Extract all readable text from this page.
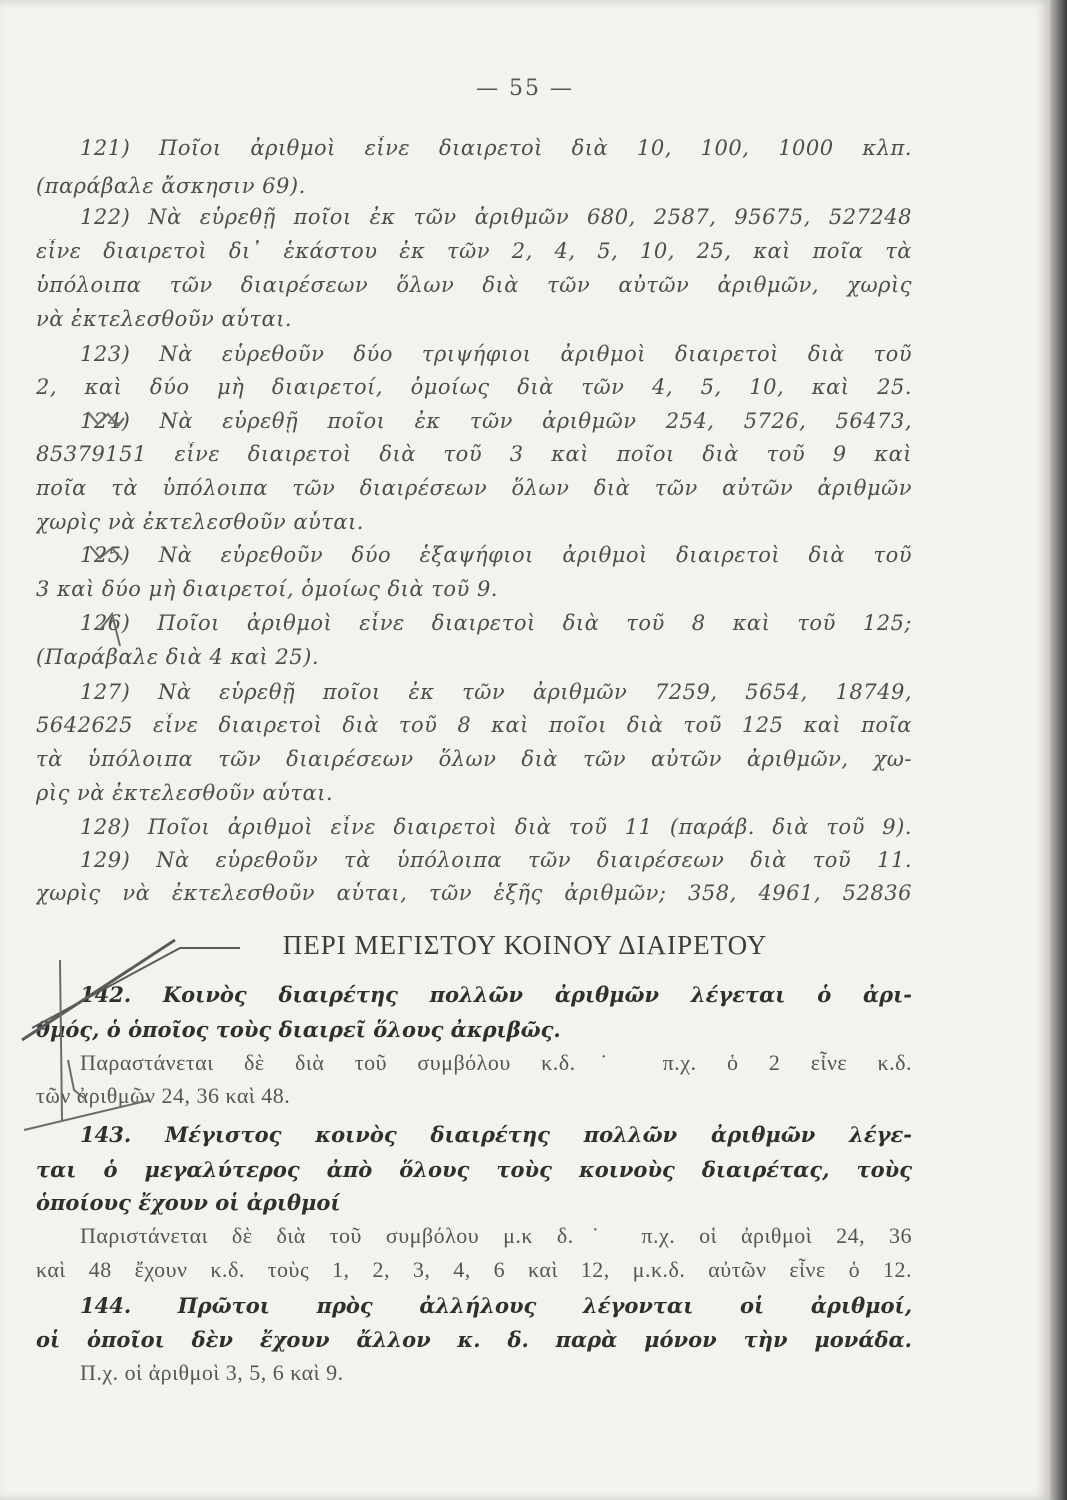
— 55 —
121) Ποῖοι ἀριθμοὶ εἶνε διαιρετοὶ διὰ 10, 100, 1000 κλπ.
(παράβαλε ἄσκησιν 69).
122) Νὰ εὑρεθῇ ποῖοι ἐκ τῶν ἀριθμῶν 680, 2587, 95675, 527248
εἶνε διαιρετοὶ δι᾽ ἑκάστου ἐκ τῶν 2, 4, 5, 10, 25, καὶ ποῖα τὰ
ὑπόλοιπα τῶν διαιρέσεων ὅλων διὰ τῶν αὐτῶν ἀριθμῶν, χωρὶς
νὰ ἐκτελεσθοῦν αὗται.
123) Νὰ εὑρεθοῦν δύο τριψήφιοι ἀριθμοὶ διαιρετοὶ διὰ τοῦ
2, καὶ δύο μὴ διαιρετοί, ὁμοίως διὰ τῶν 4, 5, 10, καὶ 25.
124) Νὰ εὑρεθῇ ποῖοι ἐκ τῶν ἀριθμῶν 254, 5726, 56473,
85379151 εἶνε διαιρετοὶ διὰ τοῦ 3 καὶ ποῖοι διὰ τοῦ 9 καὶ
ποῖα τὰ ὑπόλοιπα τῶν διαιρέσεων ὅλων διὰ τῶν αὐτῶν ἀριθμῶν
χωρὶς νὰ ἐκτελεσθοῦν αὗται.
125) Νὰ εὑρεθοῦν δύο ἑξαψήφιοι ἀριθμοὶ διαιρετοὶ διὰ τοῦ
3 καὶ δύο μὴ διαιρετοί, ὁμοίως διὰ τοῦ 9.
126) Ποῖοι ἀριθμοὶ εἶνε διαιρετοὶ διὰ τοῦ 8 καὶ τοῦ 125;
(Παράβαλε διὰ 4 καὶ 25).
127) Νὰ εὑρεθῇ ποῖοι ἐκ τῶν ἀριθμῶν 7259, 5654, 18749,
5642625 εἶνε διαιρετοὶ διὰ τοῦ 8 καὶ ποῖοι διὰ τοῦ 125 καὶ ποῖα
τὰ ὑπόλοιπα τῶν διαιρέσεων ὅλων διὰ τῶν αὐτῶν ἀριθμῶν, χω-
ρὶς νὰ ἐκτελεσθοῦν αὗται.
128) Ποῖοι ἀριθμοὶ εἶνε διαιρετοὶ διὰ τοῦ 11 (παράβ. διὰ τοῦ 9).
129) Νὰ εὑρεθοῦν τὰ ὑπόλοιπα τῶν διαιρέσεων διὰ τοῦ 11.
χωρὶς νὰ ἐκτελεσθοῦν αὗται, τῶν ἑξῆς ἀριθμῶν; 358, 4961, 52836
ΠΕΡΙ ΜΕΓΙΣΤΟΥ ΚΟΙΝΟΥ ΔΙΑΙΡΕΤΟΥ
142. Κοινὸς διαιρέτης πολλῶν ἀριθμῶν λέγεται ὁ ἀρι-
θμός, ὁ ὁποῖος τοὺς διαιρεῖ ὅλους ἀκριβῶς.
Παραστάνεται δὲ διὰ τοῦ συμβόλου κ.δ.˙ π.χ. ὁ 2 εἶνε κ.δ.
τῶν ἀριθμῶν 24, 36 καὶ 48.
143. Μέγιστος κοινὸς διαιρέτης πολλῶν ἀριθμῶν λέγε-
ται ὁ μεγαλύτερος ἀπὸ ὅλους τοὺς κοινοὺς διαιρέτας, τοὺς
ὁποίους ἔχουν οἱ ἀριθμοί
Παριστάνεται δὲ διὰ τοῦ συμβόλου μ.κ δ.˙ π.χ. οἱ ἀριθμοὶ 24, 36
καὶ 48 ἔχουν κ.δ. τοὺς 1, 2, 3, 4, 6 καὶ 12, μ.κ.δ. αὐτῶν εἶνε ὁ 12.
144. Πρῶτοι πρὸς ἀλλήλους λέγονται οἱ ἀριθμοί,
οἱ ὁποῖοι δὲν ἔχουν ἄλλον κ. δ. παρὰ μόνον τὴν μονάδα.
Π.χ. οἱ ἀριθμοὶ 3, 5, 6 καὶ 9.
